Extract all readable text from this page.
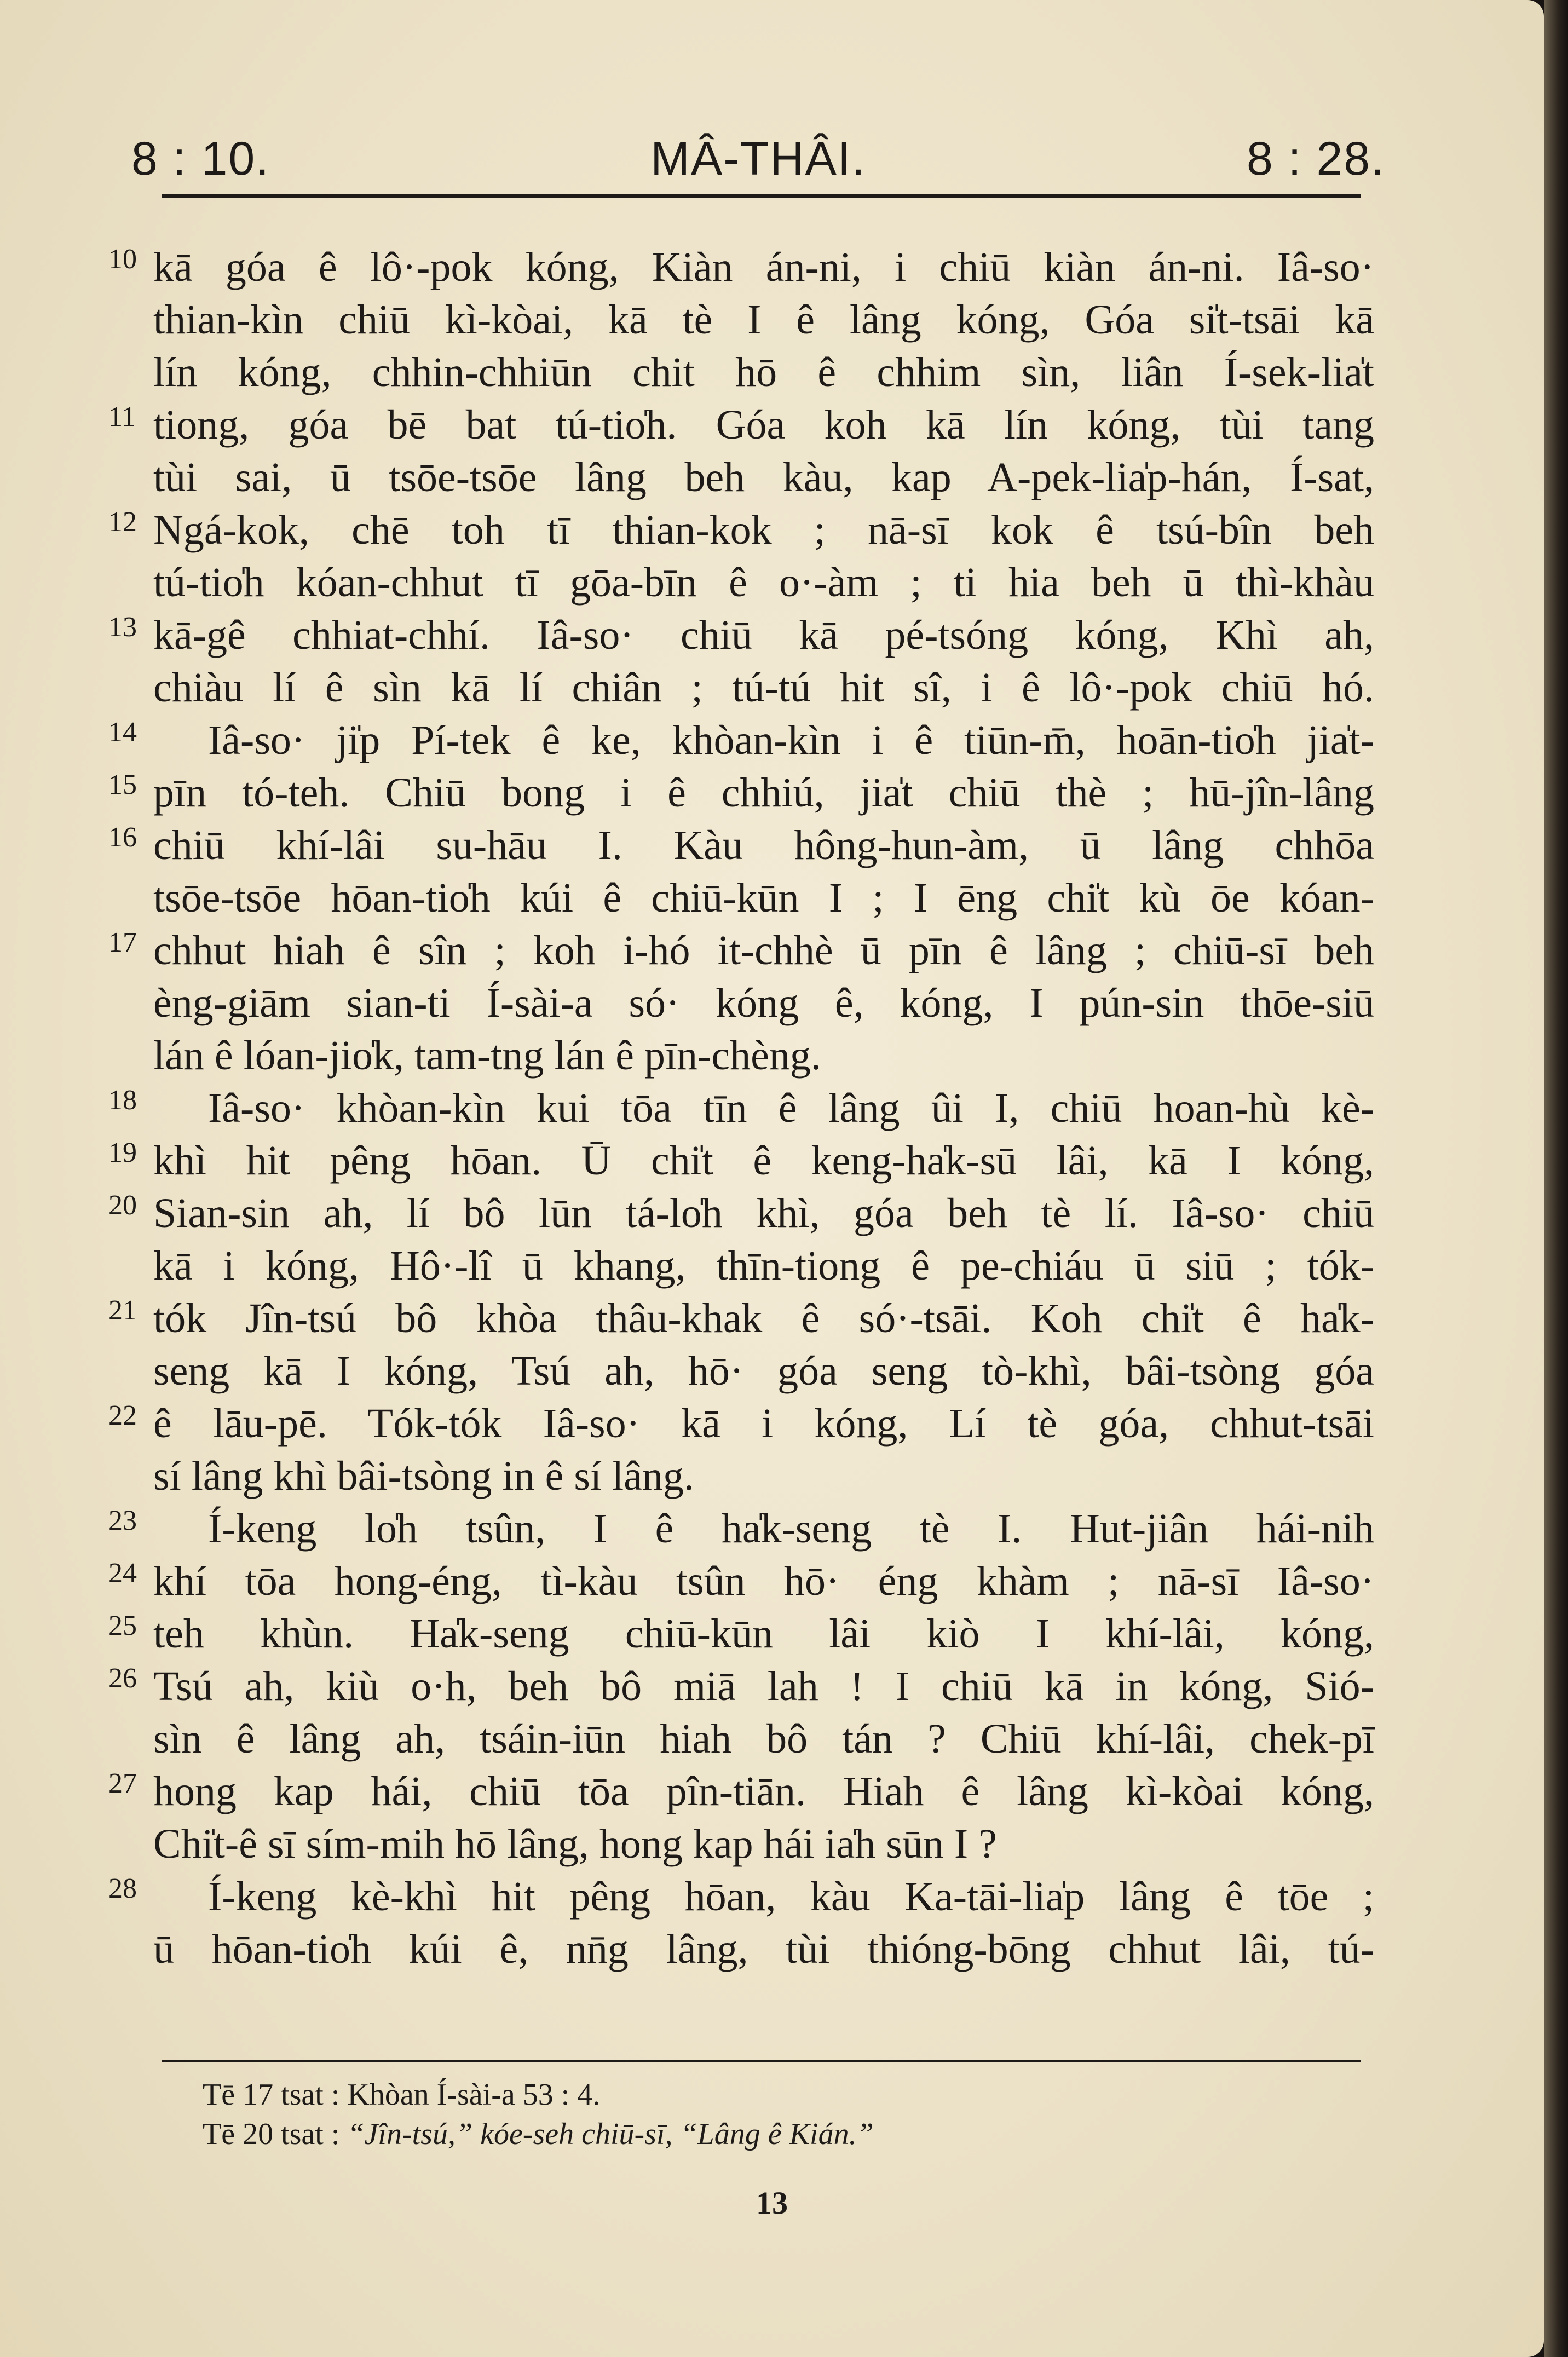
8 : 10.	MÂ-THÂI.	8 : 28.
10 kā góa ê lô·-pok kóng, Kiàn án-ni, i chiū kiàn án-ni. Iâ-so·
thian-kìn chiū kì-kòai, kā tè I ê lâng kóng, Góa si̍t-tsāi kā
lín kóng, chhin-chhiūn chit hō ê chhim sìn, liân Í-sek-lia̍t
11 tiong, góa bē bat tú-tio̍h. Góa koh kā lín kóng, tùi tang
tùi sai, ū tsōe-tsōe lâng beh kàu, kap A-pek-lia̍p-hán, Í-sat,
12 Ngá-kok, chē toh tī thian-kok ; nā-sī kok ê tsú-bîn beh
tú-tio̍h kóan-chhut tī gōa-bīn ê o·-àm ; ti hia beh ū thì-khàu
13 kā-gê chhiat-chhí. Iâ-so· chiū kā pé-tsóng kóng, Khì ah,
chiàu lí ê sìn kā lí chiân ; tú-tú hit sî, i ê lô·-pok chiū hó.
14 Iâ-so· ji̍p Pí-tek ê ke, khòan-kìn i ê tiūn-m̄, hoān-tio̍h jia̍t-
15 pīn tó-teh. Chiū bong i ê chhiú, jia̍t chiū thè ; hū-jîn-lâng
16 chiū khí-lâi su-hāu I. Kàu hông-hun-àm, ū lâng chhōa
tsōe-tsōe hōan-tio̍h kúi ê chiū-kūn I ; I ēng chi̍t kù ōe kóan-
17 chhut hiah ê sîn ; koh i-hó it-chhè ū pīn ê lâng ; chiū-sī beh
èng-giām sian-ti Í-sài-a só· kóng ê, kóng, I pún-sin thōe-siū
lán ê lóan-jio̍k, tam-tng lán ê pīn-chèng.
18 Iâ-so· khòan-kìn kui tōa tīn ê lâng ûi I, chiū hoan-hù kè-
19 khì hit pêng hōan. Ū chi̍t ê keng-ha̍k-sū lâi, kā I kóng,
20 Sian-sin ah, lí bô lūn tá-lo̍h khì, góa beh tè lí. Iâ-so· chiū
kā i kóng, Hô·-lî ū khang, thīn-tiong ê pe-chiáu ū siū ; tók-
21 tók Jîn-tsú bô khòa thâu-khak ê só·-tsāi. Koh chi̍t ê ha̍k-
seng kā I kóng, Tsú ah, hō· góa seng tò-khì, bâi-tsòng góa
22 ê lāu-pē. Tók-tók Iâ-so· kā i kóng, Lí tè góa, chhut-tsāi
sí lâng khì bâi-tsòng in ê sí lâng.
23 Í-keng lo̍h tsûn, I ê ha̍k-seng tè I. Hut-jiân hái-nih
24 khí tōa hong-éng, tì-kàu tsûn hō· éng khàm ; nā-sī Iâ-so·
25 teh khùn. Ha̍k-seng chiū-kūn lâi kiò I khí-lâi, kóng,
26 Tsú ah, kiù o·h, beh bô miā lah ! I chiū kā in kóng, Sió-
sìn ê lâng ah, tsáin-iūn hiah bô tán ? Chiū khí-lâi, chek-pī
27 hong kap hái, chiū tōa pîn-tiān. Hiah ê lâng kì-kòai kóng,
Chi̍t-ê sī sím-mih hō lâng, hong kap hái ia̍h sūn I ?
28 Í-keng kè-khì hit pêng hōan, kàu Ka-tāi-lia̍p lâng ê tōe ;
ū hōan-tio̍h kúi ê, nn̄g lâng, tùi thióng-bōng chhut lâi, tú-
Tē 17 tsat : Khòan Í-sài-a 53 : 4.
Tē 20 tsat : “Jîn-tsú,” kóe-seh chiū-sī, “Lâng ê Kián.”
13
